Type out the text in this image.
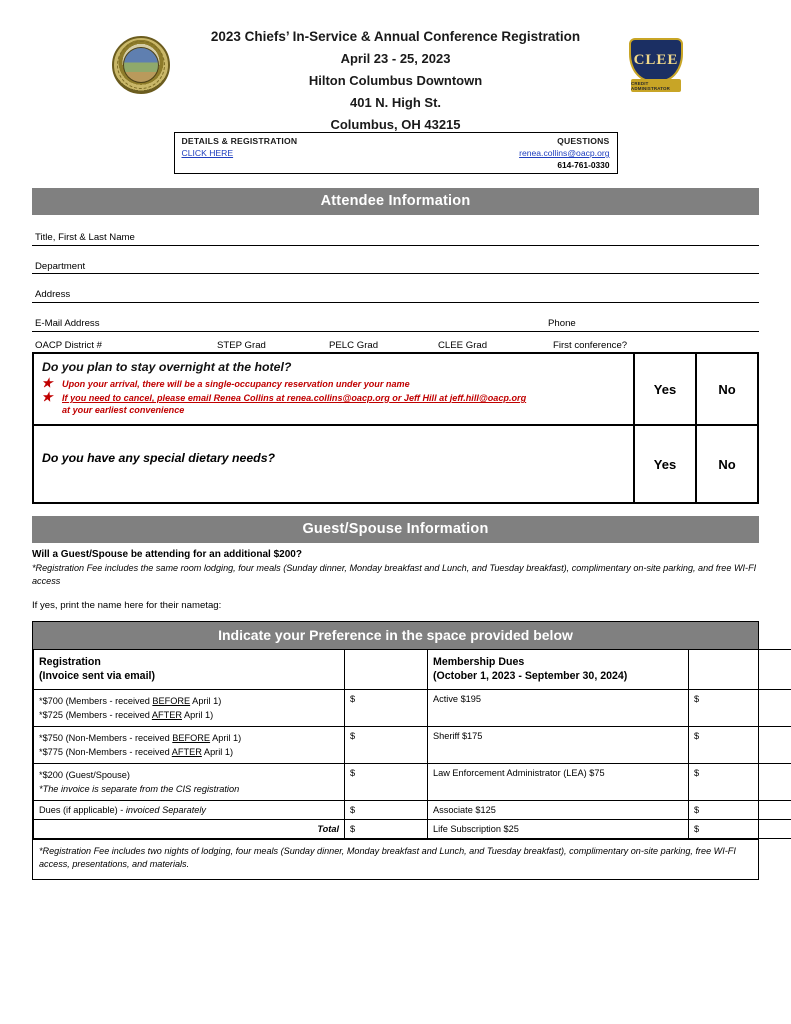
CLEE
CREDIT ADMINISTRATOR
2023 Chiefs’ In-Service & Annual Conference Registration
April 23 - 25, 2023
Hilton Columbus Downtown
401 N. High St.
Columbus, OH 43215
DETAILS & REGISTRATION
CLICK HERE
QUESTIONS
renea.collins@oacp.org
614-761-0330
Attendee Information
Title, First & Last Name
Department
Address
E-Mail Address	Phone
OACP District #	STEP Grad	PELC Grad	CLEE Grad	First conference?
Do you plan to stay overnight at the hotel?
✭ Upon your arrival, there will be a single-occupancy reservation under your name
✭ If you need to cancel, please email Renea Collins at renea.collins@oacp.org or Jeff Hill at jeff.hill@oacp.org
at your earliest convenience
	Yes	No
Do you have any special dietary needs?	Yes	No
Guest/Spouse Information
Will a Guest/Spouse be attending for an additional $200?
*Registration Fee includes the same room lodging, four meals (Sunday dinner, Monday breakfast and Lunch, and Tuesday breakfast), complimentary on-site parking, and free WI-FI access
If yes, print the name here for their nametag:
Indicate your Preference in the space provided below
Registration
(Invoice sent via email)

Membership Dues
(October 1, 2023 - September 30, 2024)

*$700 (Members - received BEFORE April 1)
*$725 (Members - received AFTER April 1)	$	Active $195	$

*$750 (Non-Members - received BEFORE April 1)
*$775 (Non-Members - received AFTER April 1)	$	Sheriff $175	$

*$200 (Guest/Spouse)
*The invoice is separate from the CIS registration	$	Law Enforcement Administrator (LEA) $75	$
Dues (if applicable) - invoiced Separately	$	Associate $125	$
Total	$	Life Subscription $25	$
*Registration Fee includes two nights of lodging, four meals (Sunday dinner, Monday breakfast and Lunch, and Tuesday breakfast), complimentary on-site parking, free WI-FI access, presentations, and materials.
